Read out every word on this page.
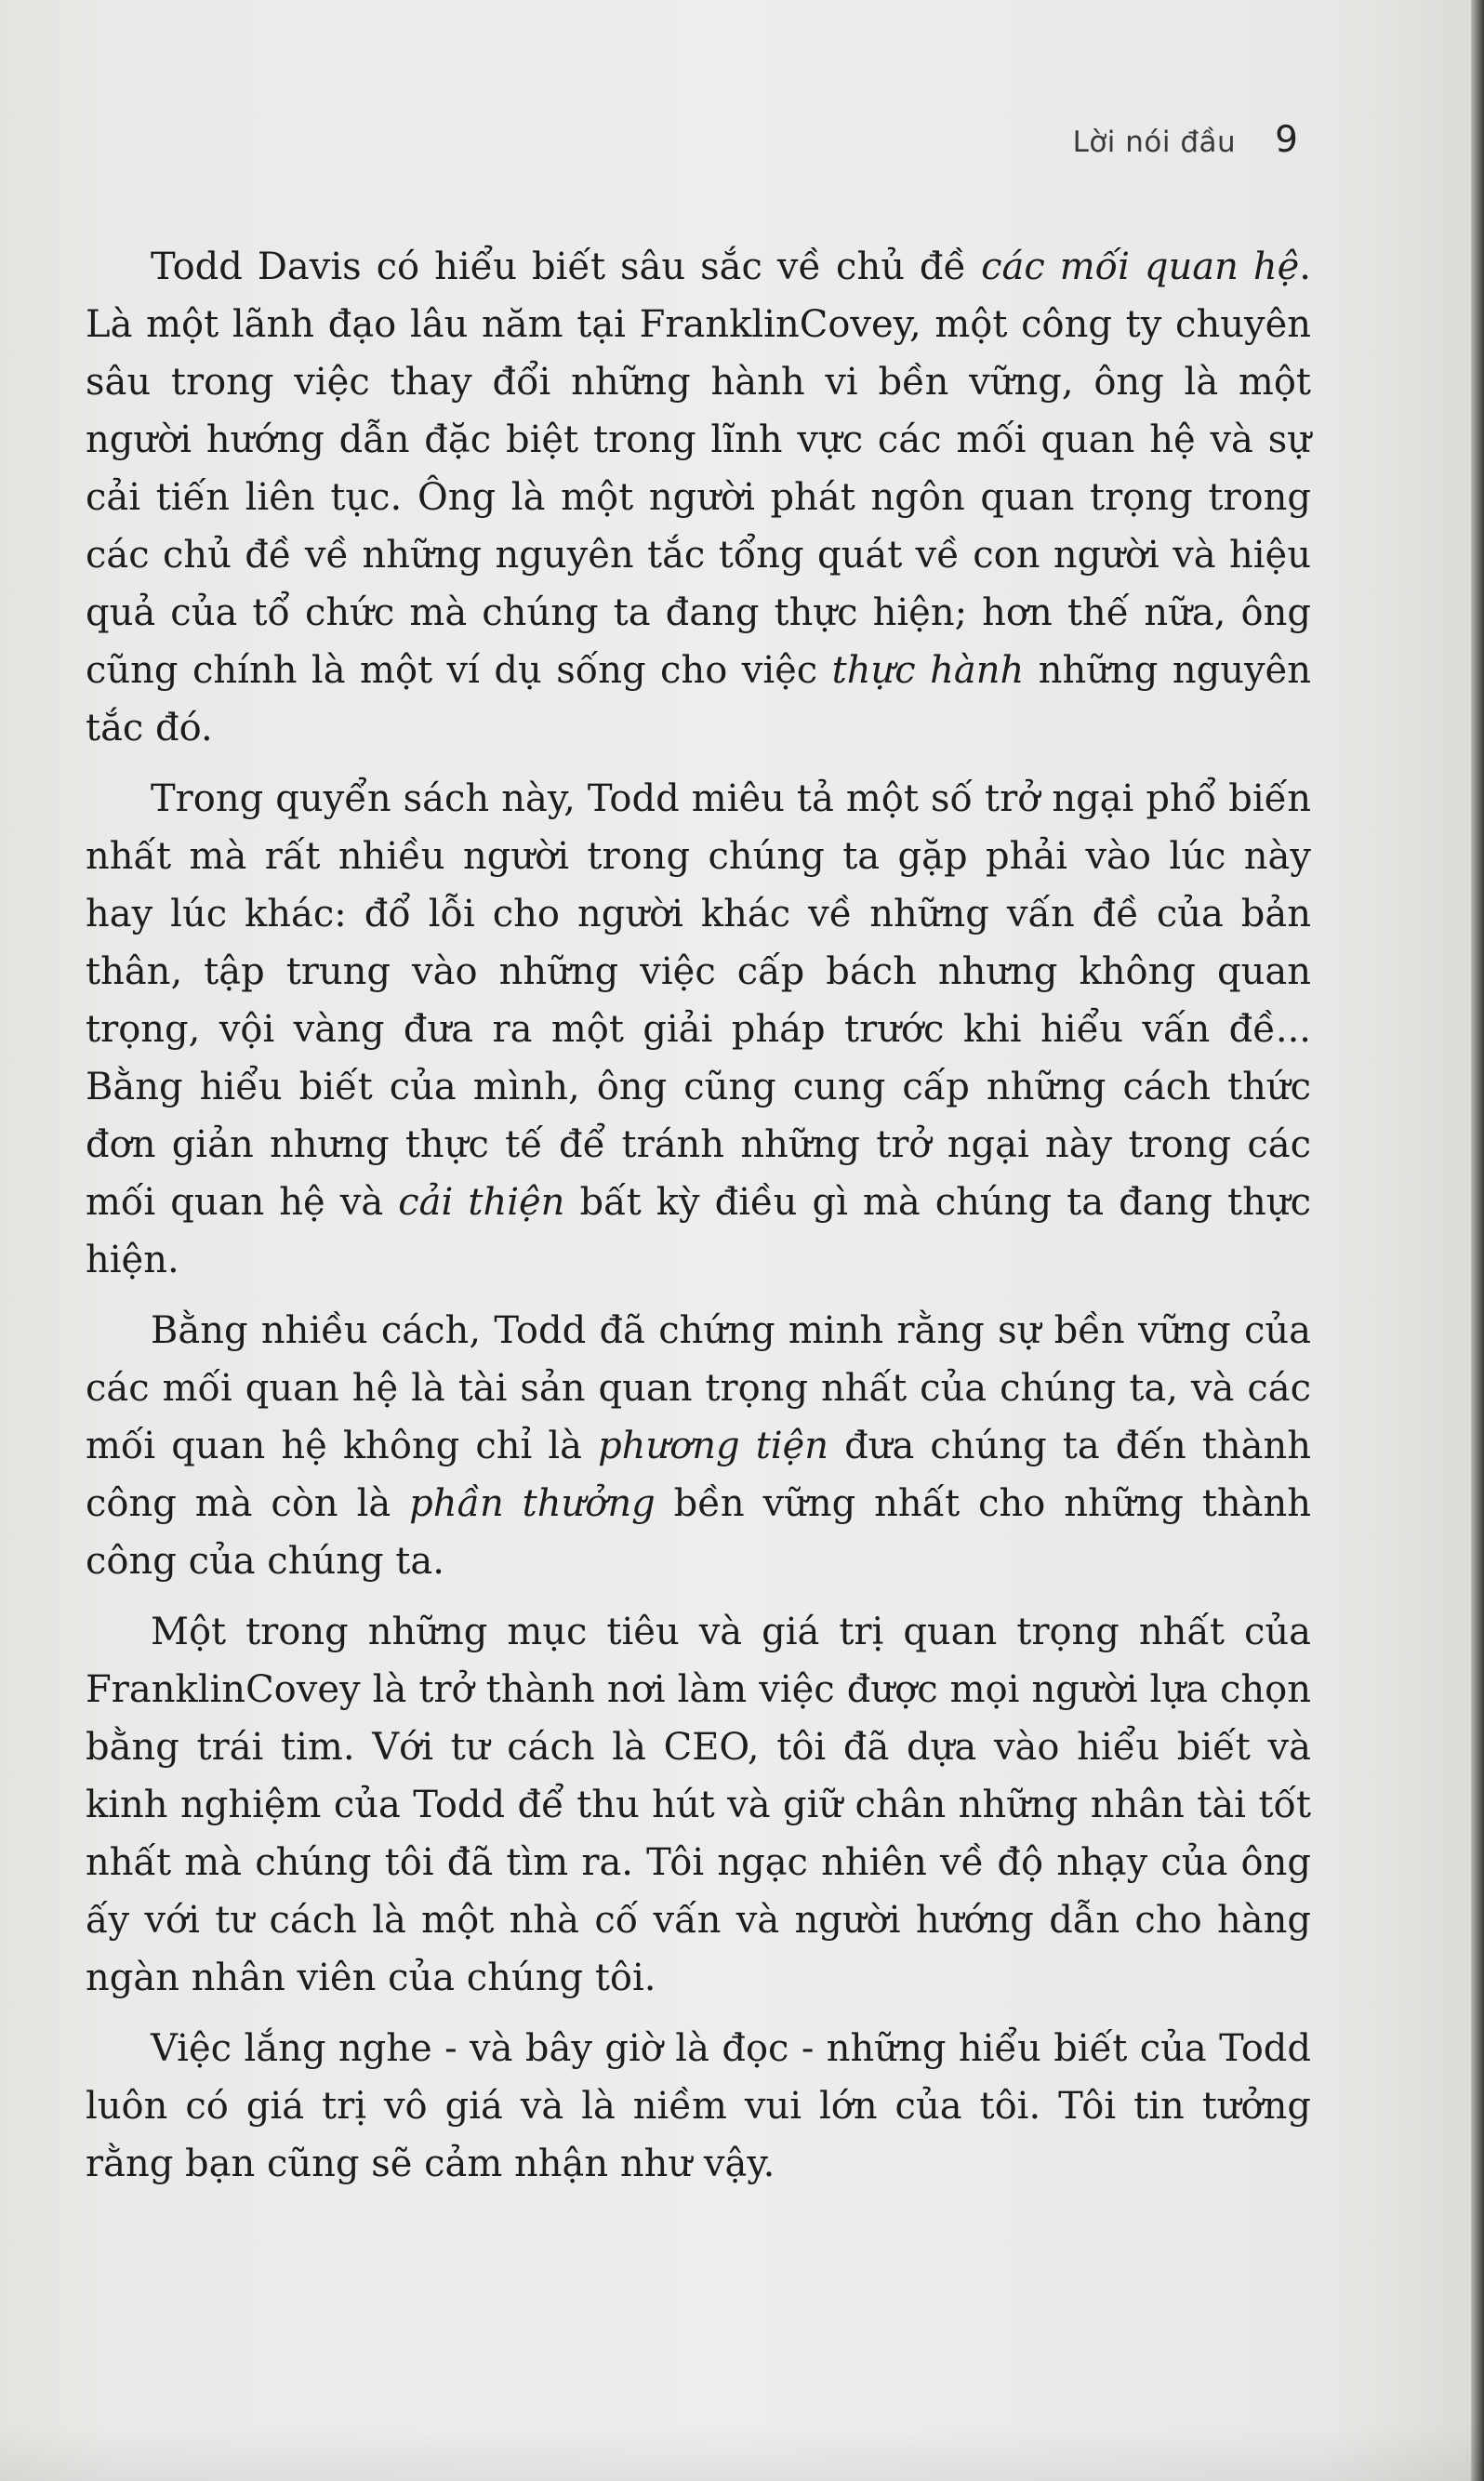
Lời nói đầu 9

Todd Davis có hiểu biết sâu sắc về chủ đề các mối quan hệ. Là một lãnh đạo lâu năm tại FranklinCovey, một công ty chuyên sâu trong việc thay đổi những hành vi bền vững, ông là một người hướng dẫn đặc biệt trong lĩnh vực các mối quan hệ và sự cải tiến liên tục. Ông là một người phát ngôn quan trọng trong các chủ đề về những nguyên tắc tổng quát về con người và hiệu quả của tổ chức mà chúng ta đang thực hiện; hơn thế nữa, ông cũng chính là một ví dụ sống cho việc thực hành những nguyên tắc đó.

Trong quyển sách này, Todd miêu tả một số trở ngại phổ biến nhất mà rất nhiều người trong chúng ta gặp phải vào lúc này hay lúc khác: đổ lỗi cho người khác về những vấn đề của bản thân, tập trung vào những việc cấp bách nhưng không quan trọng, vội vàng đưa ra một giải pháp trước khi hiểu vấn đề... Bằng hiểu biết của mình, ông cũng cung cấp những cách thức đơn giản nhưng thực tế để tránh những trở ngại này trong các mối quan hệ và cải thiện bất kỳ điều gì mà chúng ta đang thực hiện.

Bằng nhiều cách, Todd đã chứng minh rằng sự bền vững của các mối quan hệ là tài sản quan trọng nhất của chúng ta, và các mối quan hệ không chỉ là phương tiện đưa chúng ta đến thành công mà còn là phần thưởng bền vững nhất cho những thành công của chúng ta.

Một trong những mục tiêu và giá trị quan trọng nhất của FranklinCovey là trở thành nơi làm việc được mọi người lựa chọn bằng trái tim. Với tư cách là CEO, tôi đã dựa vào hiểu biết và kinh nghiệm của Todd để thu hút và giữ chân những nhân tài tốt nhất mà chúng tôi đã tìm ra. Tôi ngạc nhiên về độ nhạy của ông ấy với tư cách là một nhà cố vấn và người hướng dẫn cho hàng ngàn nhân viên của chúng tôi.

Việc lắng nghe - và bây giờ là đọc - những hiểu biết của Todd luôn có giá trị vô giá và là niềm vui lớn của tôi. Tôi tin tưởng rằng bạn cũng sẽ cảm nhận như vậy.
